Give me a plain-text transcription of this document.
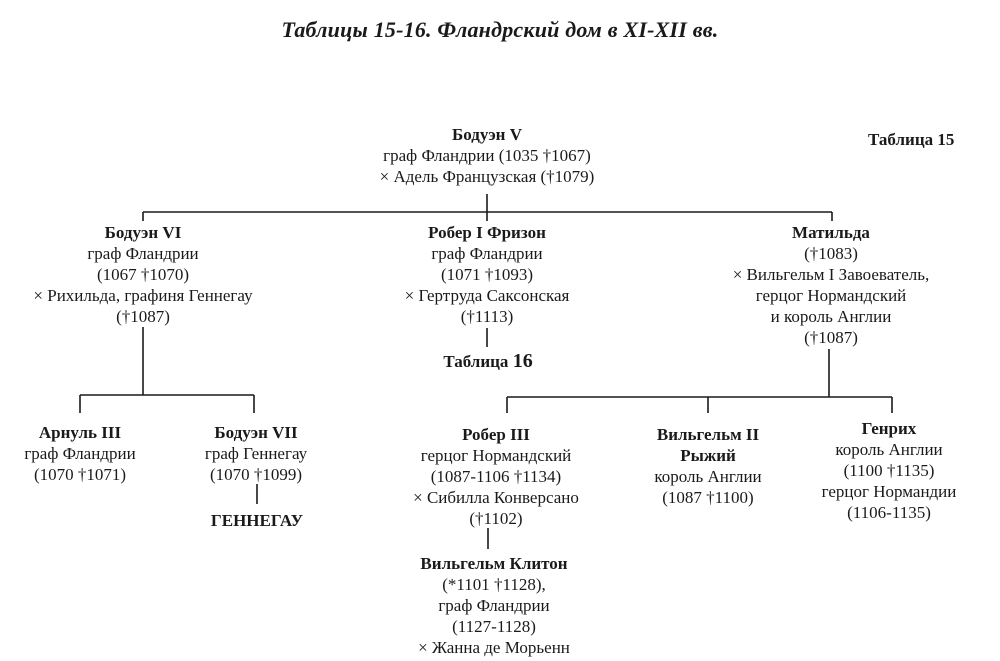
Таблицы 15-16. Фландрский дом в XI-XII вв.
Таблица 15
Бодуэн V
граф Фландрии (1035 †1067)
× Адель Французская (†1079)
Бодуэн VI
граф Фландрии
(1067 †1070)
× Рихильда, графиня Геннегау
(†1087)
Робер I Фризон
граф Фландрии
(1071 †1093)
× Гертруда Саксонская
(†1113)
Матильда
(†1083)
× Вильгельм I Завоеватель,
герцог Нормандский
и король Англии
(†1087)
Таблица 16
Арнуль III
граф Фландрии
(1070 †1071)
Бодуэн VII
граф Геннегау
(1070 †1099)
ГЕННЕГАУ
Робер III
герцог Нормандский
(1087-1106 †1134)
× Сибилла Конверсано
(†1102)
Вильгельм II
Рыжий
король Англии
(1087 †1100)
Генрих
король Англии
(1100 †1135)
герцог Нормандии
(1106-1135)
Вильгельм Клитон
(*1101 †1128),
граф Фландрии
(1127-1128)
× Жанна де Морьенн
